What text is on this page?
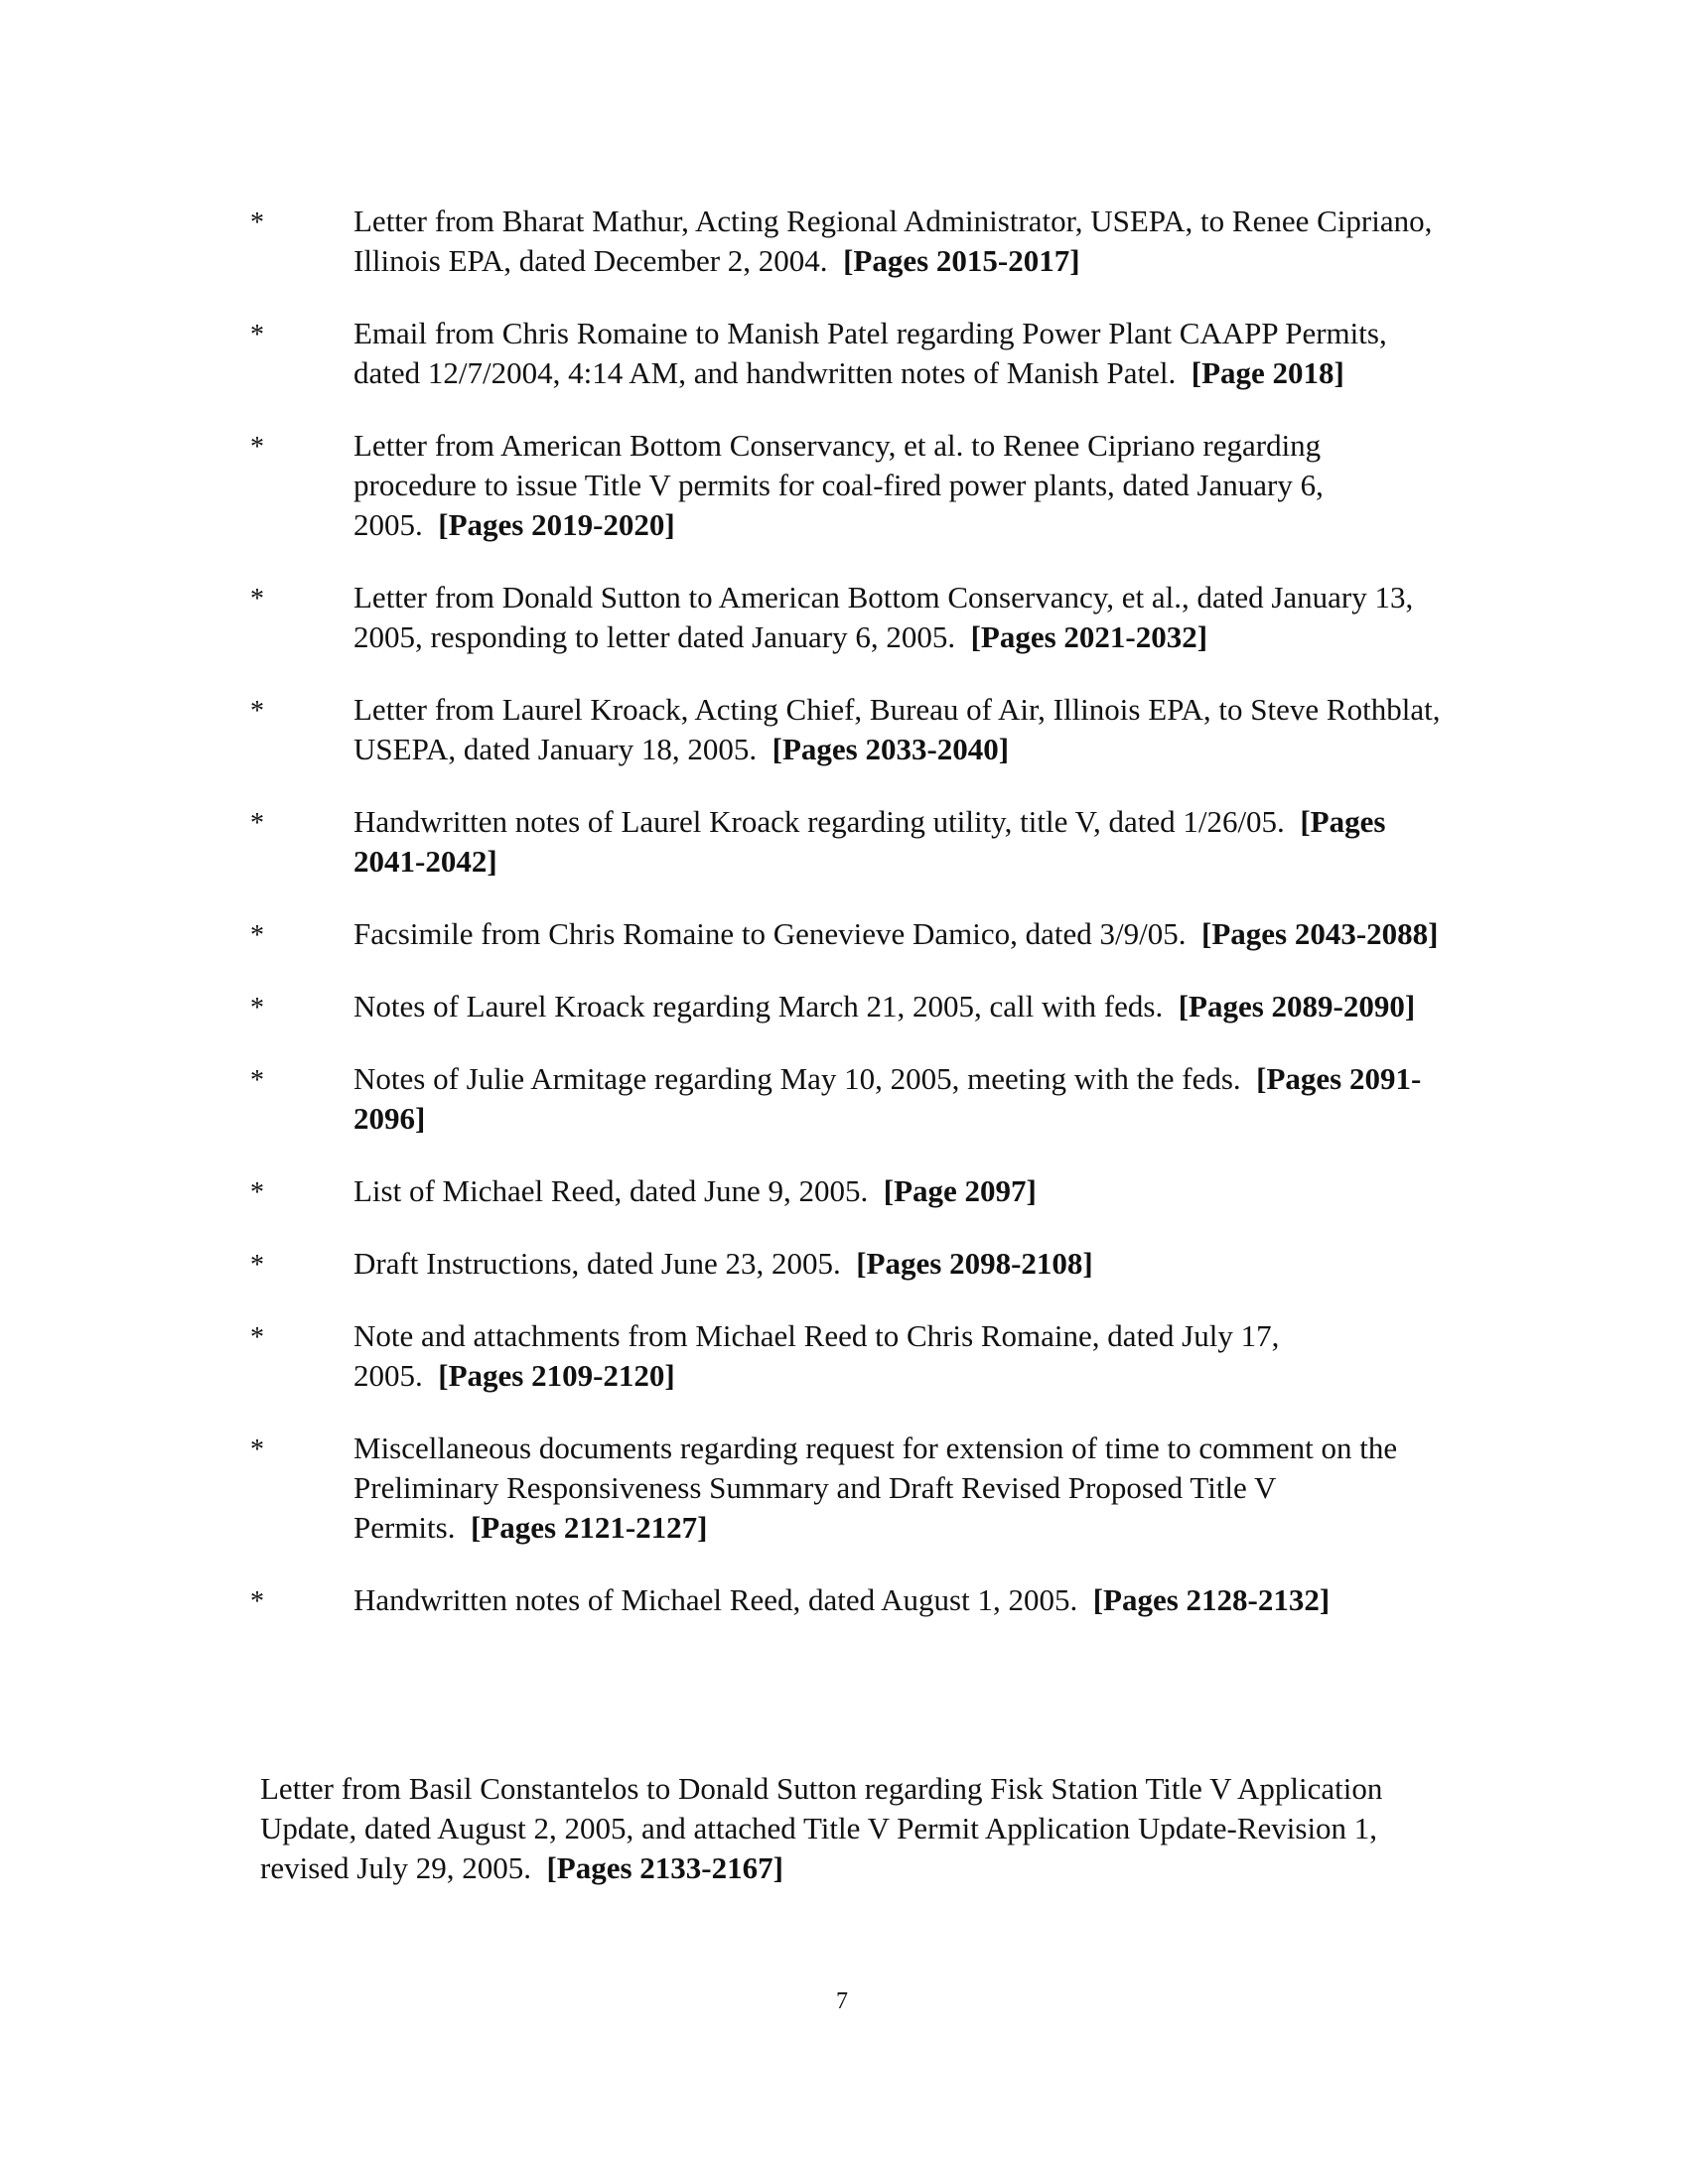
*	Letter from Bharat Mathur, Acting Regional Administrator, USEPA, to Renee Cipriano, Illinois EPA, dated December 2, 2004. [Pages 2015-2017]
*	Email from Chris Romaine to Manish Patel regarding Power Plant CAAPP Permits, dated 12/7/2004, 4:14 AM, and handwritten notes of Manish Patel. [Page 2018]
*	Letter from American Bottom Conservancy, et al. to Renee Cipriano regarding procedure to issue Title V permits for coal-fired power plants, dated January 6, 2005. [Pages 2019-2020]
*	Letter from Donald Sutton to American Bottom Conservancy, et al., dated January 13, 2005, responding to letter dated January 6, 2005. [Pages 2021-2032]
*	Letter from Laurel Kroack, Acting Chief, Bureau of Air, Illinois EPA, to Steve Rothblat, USEPA, dated January 18, 2005. [Pages 2033-2040]
*	Handwritten notes of Laurel Kroack regarding utility, title V, dated 1/26/05. [Pages 2041-2042]
*	Facsimile from Chris Romaine to Genevieve Damico, dated 3/9/05. [Pages 2043-2088]
*	Notes of Laurel Kroack regarding March 21, 2005, call with feds. [Pages 2089-2090]
*	Notes of Julie Armitage regarding May 10, 2005, meeting with the feds. [Pages 2091-2096]
*	List of Michael Reed, dated June 9, 2005. [Page 2097]
*	Draft Instructions, dated June 23, 2005. [Pages 2098-2108]
*	Note and attachments from Michael Reed to Chris Romaine, dated July 17, 2005. [Pages 2109-2120]
*	Miscellaneous documents regarding request for extension of time to comment on the Preliminary Responsiveness Summary and Draft Revised Proposed Title V Permits. [Pages 2121-2127]
*	Handwritten notes of Michael Reed, dated August 1, 2005. [Pages 2128-2132]

Letter from Basil Constantelos to Donald Sutton regarding Fisk Station Title V Application Update, dated August 2, 2005, and attached Title V Permit Application Update-Revision 1, revised July 29, 2005. [Pages 2133-2167]

7
